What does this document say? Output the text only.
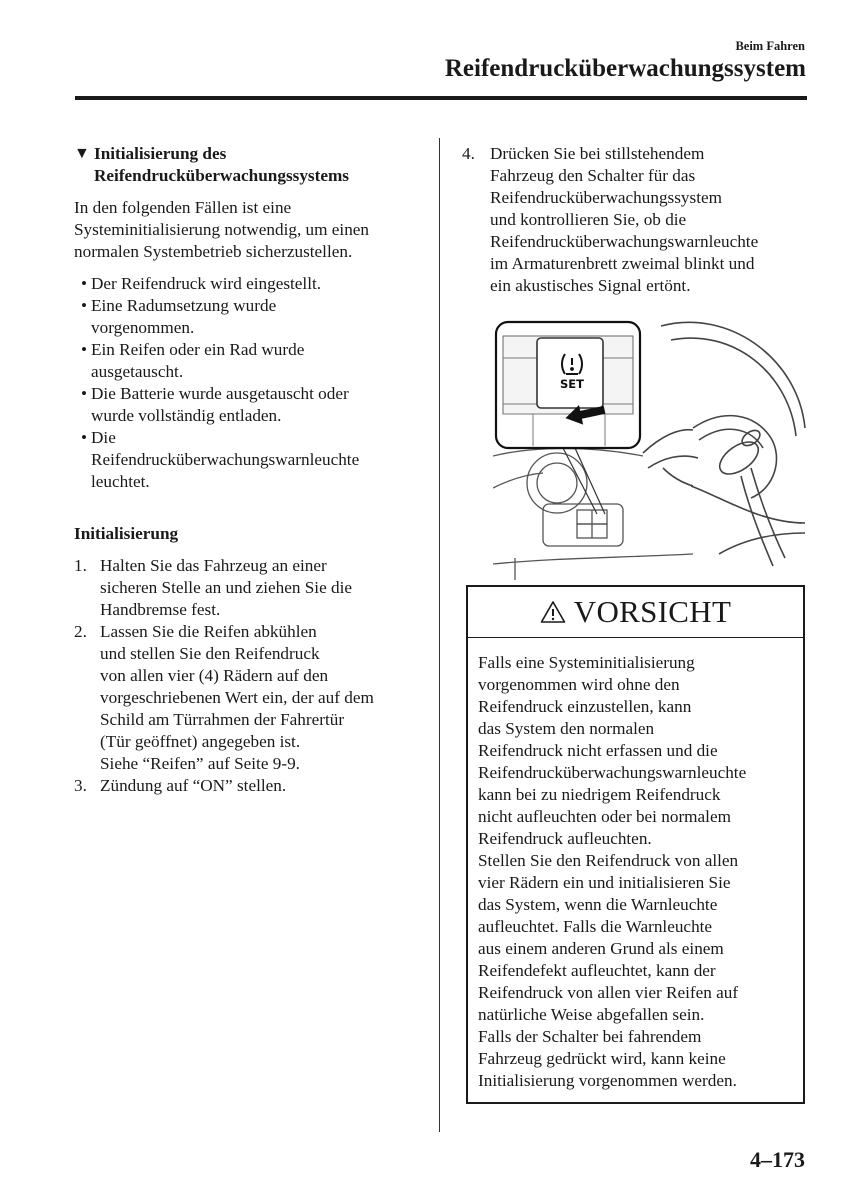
Beim Fahren
Reifendrucküberwachungssystem
▼ Initialisierung des
Reifendrucküberwachungssystems
In den folgenden Fällen ist eine
Systeminitialisierung notwendig, um einen
normalen Systembetrieb sicherzustellen.
• Der Reifendruck wird eingestellt.
• Eine Radumsetzung wurde
vorgenommen.
• Ein Reifen oder ein Rad wurde
ausgetauscht.
• Die Batterie wurde ausgetauscht oder
wurde vollständig entladen.
• Die
Reifendrucküberwachungswarnleuchte
leuchtet.
Initialisierung
1. Halten Sie das Fahrzeug an einer
sicheren Stelle an und ziehen Sie die
Handbremse fest.
2. Lassen Sie die Reifen abkühlen
und stellen Sie den Reifendruck
von allen vier (4) Rädern auf den
vorgeschriebenen Wert ein, der auf dem
Schild am Türrahmen der Fahrertür
(Tür geöffnet) angegeben ist.
Siehe “Reifen” auf Seite 9-9.
3. Zündung auf “ON” stellen.
4. Drücken Sie bei stillstehendem
Fahrzeug den Schalter für das
Reifendrucküberwachungssystem
und kontrollieren Sie, ob die
Reifendrucküberwachungswarnleuchte
im Armaturenbrett zweimal blinkt und
ein akustisches Signal ertönt.
SET
VORSICHT

Falls eine Systeminitialisierung

vorgenommen wird ohne den

Reifendruck einzustellen, kann

das System den normalen

Reifendruck nicht erfassen und die

Reifendrucküberwachungswarnleuchte

kann bei zu niedrigem Reifendruck

nicht aufleuchten oder bei normalem

Reifendruck aufleuchten.

Stellen Sie den Reifendruck von allen

vier Rädern ein und initialisieren Sie

das System, wenn die Warnleuchte

aufleuchtet. Falls die Warnleuchte

aus einem anderen Grund als einem

Reifendefekt aufleuchtet, kann der

Reifendruck von allen vier Reifen auf

natürliche Weise abgefallen sein.

Falls der Schalter bei fahrendem

Fahrzeug gedrückt wird, kann keine

Initialisierung vorgenommen werden.

4–173
